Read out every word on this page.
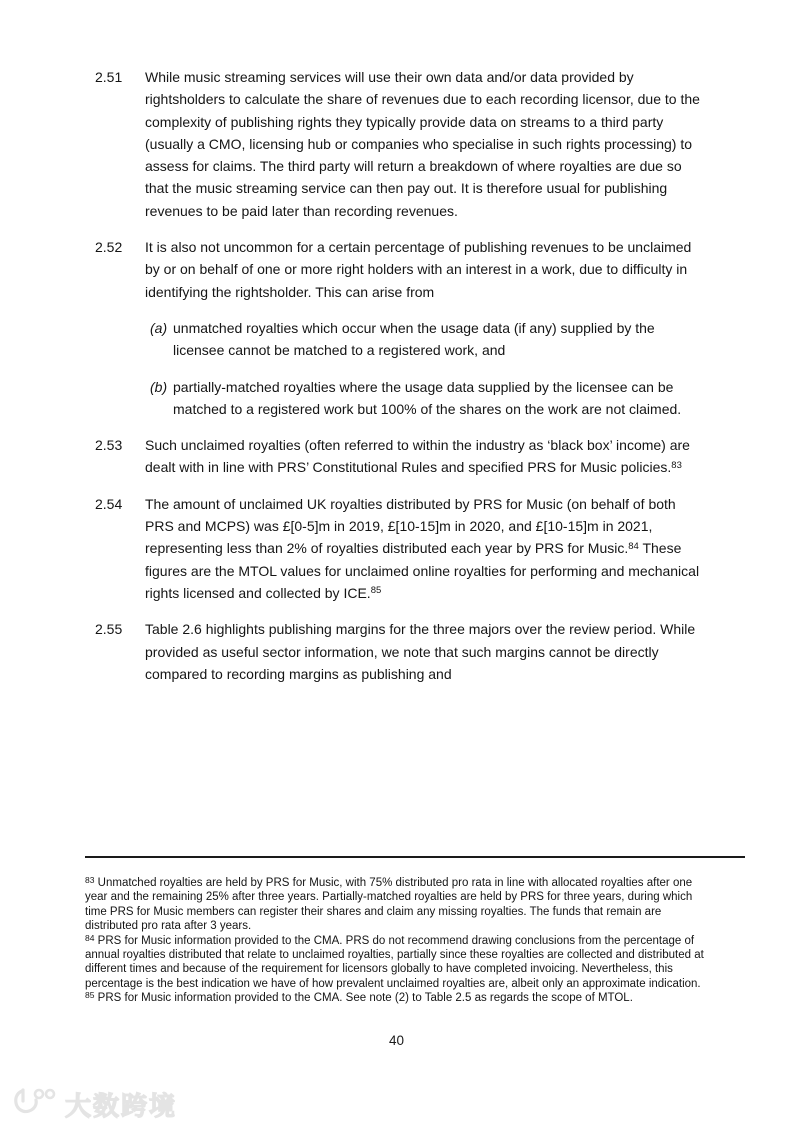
2.51 While music streaming services will use their own data and/or data provided by rightsholders to calculate the share of revenues due to each recording licensor, due to the complexity of publishing rights they typically provide data on streams to a third party (usually a CMO, licensing hub or companies who specialise in such rights processing) to assess for claims. The third party will return a breakdown of where royalties are due so that the music streaming service can then pay out. It is therefore usual for publishing revenues to be paid later than recording revenues.

2.52 It is also not uncommon for a certain percentage of publishing revenues to be unclaimed by or on behalf of one or more right holders with an interest in a work, due to difficulty in identifying the rightsholder. This can arise from

(a) unmatched royalties which occur when the usage data (if any) supplied by the licensee cannot be matched to a registered work, and

(b) partially-matched royalties where the usage data supplied by the licensee can be matched to a registered work but 100% of the shares on the work are not claimed.

2.53 Such unclaimed royalties (often referred to within the industry as ‘black box’ income) are dealt with in line with PRS’ Constitutional Rules and specified PRS for Music policies.$^{83}$

2.54 The amount of unclaimed UK royalties distributed by PRS for Music (on behalf of both PRS and MCPS) was £[0-5]m in 2019, £[10-15]m in 2020, and £[10-15]m in 2021, representing less than 2% of royalties distributed each year by PRS for Music.$^{84}$ These figures are the MTOL values for unclaimed online royalties for performing and mechanical rights licensed and collected by ICE.$^{85}$

2.55 Table 2.6 highlights publishing margins for the three majors over the review period. While provided as useful sector information, we note that such margins cannot be directly compared to recording margins as publishing and

$^{83}$ Unmatched royalties are held by PRS for Music, with 75% distributed pro rata in line with allocated royalties after one year and the remaining 25% after three years. Partially-matched royalties are held by PRS for three years, during which time PRS for Music members can register their shares and claim any missing royalties. The funds that remain are distributed pro rata after 3 years.

$^{84}$ PRS for Music information provided to the CMA. PRS do not recommend drawing conclusions from the percentage of annual royalties distributed that relate to unclaimed royalties, partially since these royalties are collected and distributed at different times and because of the requirement for licensors globally to have completed invoicing. Nevertheless, this percentage is the best indication we have of how prevalent unclaimed royalties are, albeit only an approximate indication.

$^{85}$ PRS for Music information provided to the CMA. See note (2) to Table 2.5 as regards the scope of MTOL.

40
大数跨境
